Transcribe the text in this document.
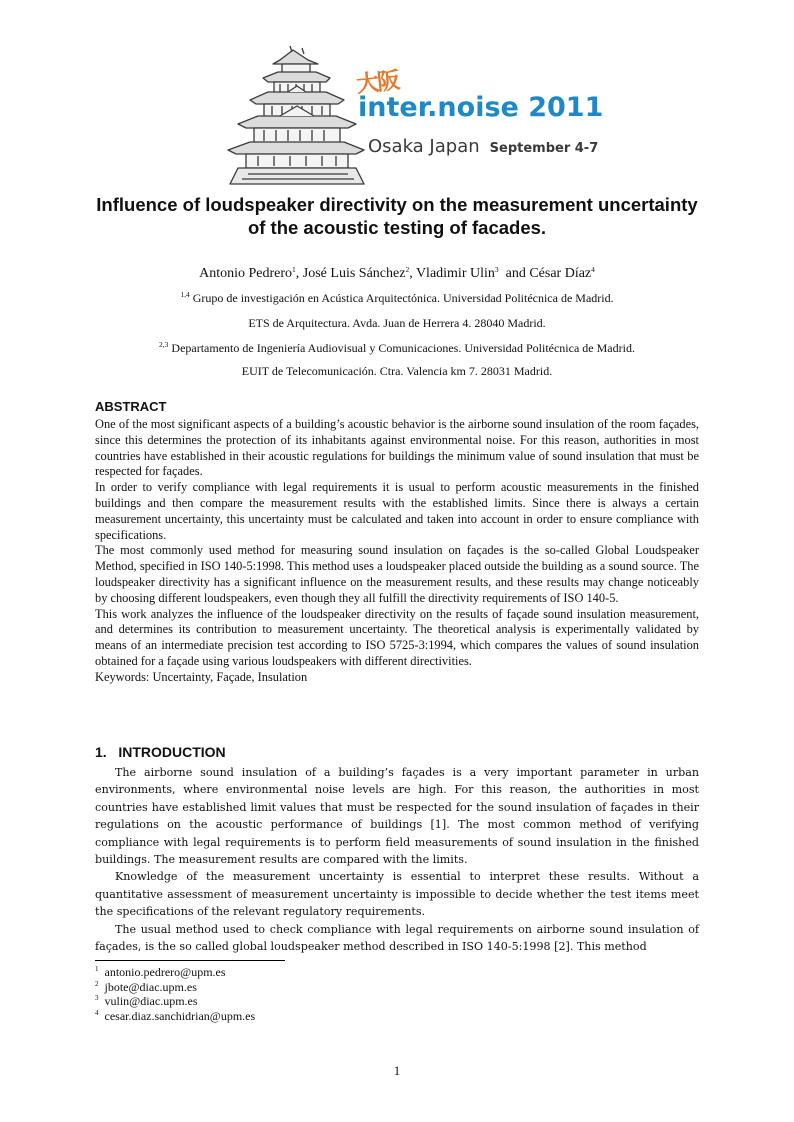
大阪
inter.noise 2011
Osaka Japan September 4-7
Influence of loudspeaker directivity on the measurement uncertainty
of the acoustic testing of facades.

Antonio Pedrero$^1$, José Luis Sánchez$^2$, Vladimir Ulin$^3$  and César Díaz$^4$

$^{1,4}$ Grupo de investigación en Acústica Arquitectónica. Universidad Politécnica de Madrid.

ETS de Arquitectura. Avda. Juan de Herrera 4. 28040 Madrid.

$^{2,3}$ Departamento de Ingeniería Audiovisual y Comunicaciones. Universidad Politécnica de Madrid.

EUIT de Telecomunicación. Ctra. Valencia km 7. 28031 Madrid.

ABSTRACT

One of the most significant aspects of a building’s acoustic behavior is the airborne sound insulation of the room façades, since this determines the protection of its inhabitants against environmental noise. For this reason, authorities in most countries have established in their acoustic regulations for buildings the minimum value of sound insulation that must be respected for façades.

In order to verify compliance with legal requirements it is usual to perform acoustic measurements in the finished buildings and then compare the measurement results with the established limits. Since there is always a certain measurement uncertainty, this uncertainty must be calculated and taken into account in order to ensure compliance with specifications.

The most commonly used method for measuring sound insulation on façades is the so-called Global Loudspeaker Method, specified in ISO 140-5:1998. This method uses a loudspeaker placed outside the building as a sound source. The loudspeaker directivity has a significant influence on the measurement results, and these results may change noticeably by choosing different loudspeakers, even though they all fulfill the directivity requirements of ISO 140-5.

This work analyzes the influence of the loudspeaker directivity on the results of façade sound insulation measurement, and determines its contribution to measurement uncertainty. The theoretical analysis is experimentally validated by means of an intermediate precision test according to ISO 5725-3:1994, which compares the values of sound insulation obtained for a façade using various loudspeakers with different directivities.

Keywords: Uncertainty, Façade, Insulation

1.   INTRODUCTION

The airborne sound insulation of a building’s façades is a very important parameter in urban environments, where environmental noise levels are high. For this reason, the authorities in most countries have established limit values that must be respected for the sound insulation of façades in their regulations on the acoustic performance of buildings [1]. The most common method of verifying compliance with legal requirements is to perform field measurements of sound insulation in the finished buildings. The measurement results are compared with the limits.

Knowledge of the measurement uncertainty is essential to interpret these results. Without a quantitative assessment of measurement uncertainty is impossible to decide whether the test items meet the specifications of the relevant regulatory requirements.

The usual method used to check compliance with legal requirements on airborne sound insulation of façades, is the so called global loudspeaker method described in ISO 140-5:1998 [2]. This method

$^1$ antonio.pedrero@upm.es
$^2$ jbote@diac.upm.es
$^3$ vulin@diac.upm.es
$^4$ cesar.diaz.sanchidrian@upm.es
1
